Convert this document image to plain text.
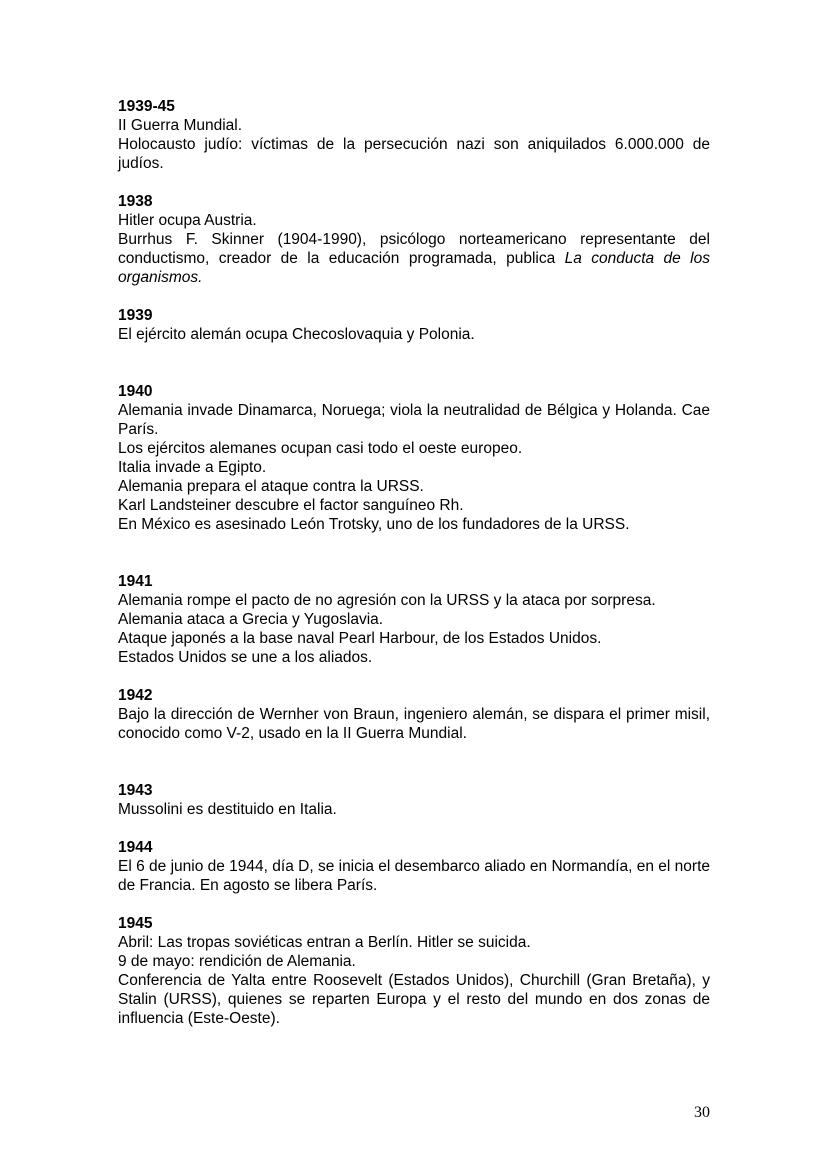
1939-45
II Guerra Mundial.
Holocausto judío: víctimas de la persecución nazi son aniquilados 6.000.000 de judíos.
1938
Hitler ocupa Austria.
Burrhus F. Skinner (1904-1990), psicólogo norteamericano representante del conductismo, creador de la educación programada, publica La conducta de los organismos.
1939
El ejército alemán ocupa Checoslovaquia y Polonia.
1940
Alemania invade Dinamarca, Noruega; viola la neutralidad de Bélgica y Holanda. Cae París.
Los ejércitos alemanes ocupan casi todo el oeste europeo.
Italia invade a Egipto.
Alemania prepara el ataque contra la URSS.
Karl Landsteiner descubre el factor sanguíneo Rh.
En México es asesinado León Trotsky, uno de los fundadores de la URSS.
1941
Alemania rompe el pacto de no agresión con la URSS y la ataca por sorpresa.
Alemania ataca a Grecia y Yugoslavia.
Ataque japonés a la base naval Pearl Harbour, de los Estados Unidos.
Estados Unidos se une a los aliados.
1942
Bajo la dirección de Wernher von Braun, ingeniero alemán, se dispara el primer misil, conocido como V-2, usado en la II Guerra Mundial.
1943
Mussolini es destituido en Italia.
1944
El 6 de junio de 1944, día D, se inicia el desembarco aliado en Normandía, en el norte de Francia. En agosto se libera París.
1945
Abril: Las tropas soviéticas entran a Berlín. Hitler se suicida.
9 de mayo: rendición de Alemania.
Conferencia de Yalta entre Roosevelt (Estados Unidos), Churchill (Gran Bretaña), y Stalin (URSS), quienes se reparten Europa y el resto del mundo en dos zonas de influencia (Este-Oeste).
30
